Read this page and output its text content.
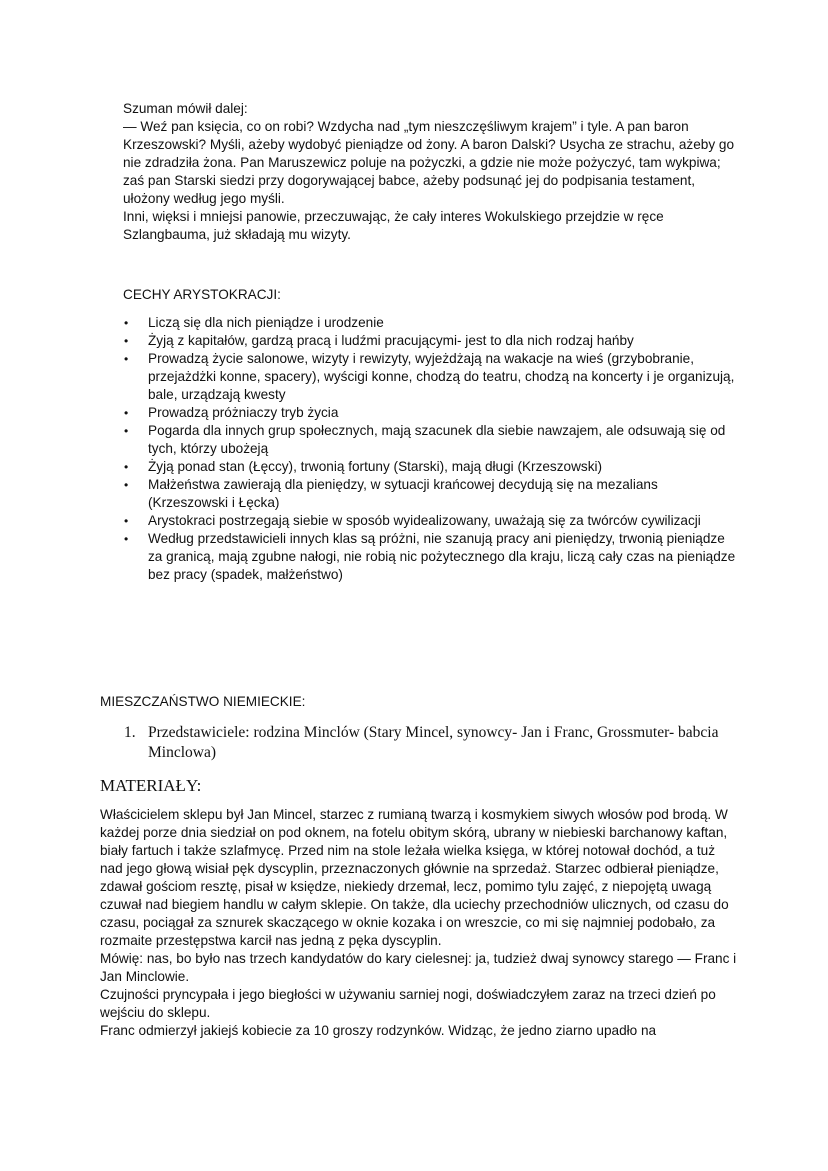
Szuman mówił dalej:

— Weź pan księcia, co on robi? Wzdycha nad „tym nieszczęśliwym krajem” i tyle. A pan baron Krzeszowski? Myśli, ażeby wydobyć pieniądze od żony. A baron Dalski? Usycha ze strachu, ażeby go nie zdradziła żona. Pan Maruszewicz poluje na pożyczki, a gdzie nie może pożyczyć, tam wykpiwa; zaś pan Starski siedzi przy dogorywającej babce, ażeby podsunąć jej do podpisania testament, ułożony według jego myśli.

Inni, więksi i mniejsi panowie, przeczuwając, że cały interes Wokulskiego przejdzie w ręce Szlangbauma, już składają mu wizyty.

CECHY ARYSTOKRACJI:
• Liczą się dla nich pieniądze i urodzenie
• Żyją z kapitałów, gardzą pracą i ludźmi pracującymi- jest to dla nich rodzaj hańby
• Prowadzą życie salonowe, wizyty i rewizyty, wyjeżdżają na wakacje na wieś (grzybobranie, przejażdżki konne, spacery), wyścigi konne, chodzą do teatru, chodzą na koncerty i je organizują, bale, urządzają kwesty
• Prowadzą próżniaczy tryb życia
• Pogarda dla innych grup społecznych, mają szacunek dla siebie nawzajem, ale odsuwają się od tych, którzy ubożeją
• Żyją ponad stan (Łęccy), trwonią fortuny (Starski), mają długi (Krzeszowski)
• Małżeństwa zawierają dla pieniędzy, w sytuacji krańcowej decydują się na mezalians (Krzeszowski i Łęcka)
• Arystokraci postrzegają siebie w sposób wyidealizowany, uważają się za twórców cywilizacji
• Według przedstawicieli innych klas są próżni, nie szanują pracy ani pieniędzy, trwonią pieniądze za granicą, mają zgubne nałogi, nie robią nic pożytecznego dla kraju, liczą cały czas na pieniądze bez pracy (spadek, małżeństwo)
MIESZCZAŃSTWO NIEMIECKIE:
1. Przedstawiciele: rodzina Minclów (Stary Mincel, synowcy- Jan i Franc, Grossmuter- babcia Minclowa)
MATERIAŁY:

Właścicielem sklepu był Jan Mincel, starzec z rumianą twarzą i kosmykiem siwych włosów pod brodą. W każdej porze dnia siedział on pod oknem, na fotelu obitym skórą, ubrany w niebieski barchanowy kaftan, biały fartuch i także szlafmycę. Przed nim na stole leżała wielka księga, w której notował dochód, a tuż nad jego głową wisiał pęk dyscyplin, przeznaczonych głównie na sprzedaż. Starzec odbierał pieniądze, zdawał gościom resztę, pisał w księdze, niekiedy drzemał, lecz, pomimo tylu zajęć, z niepojętą uwagą czuwał nad biegiem handlu w całym sklepie. On także, dla uciechy przechodniów ulicznych, od czasu do czasu, pociągał za sznurek skaczącego w oknie kozaka i on wreszcie, co mi się najmniej podobało, za rozmaite przestępstwa karcił nas jedną z pęka dyscyplin.

Mówię: nas, bo było nas trzech kandydatów do kary cielesnej: ja, tudzież dwaj synowcy starego — Franc i Jan Minclowie.

Czujności pryncypała i jego biegłości w używaniu sarniej nogi, doświadczyłem zaraz na trzeci dzień po wejściu do sklepu.

Franc odmierzył jakiejś kobiecie za 10 groszy rodzynków. Widząc, że jedno ziarno upadło na
